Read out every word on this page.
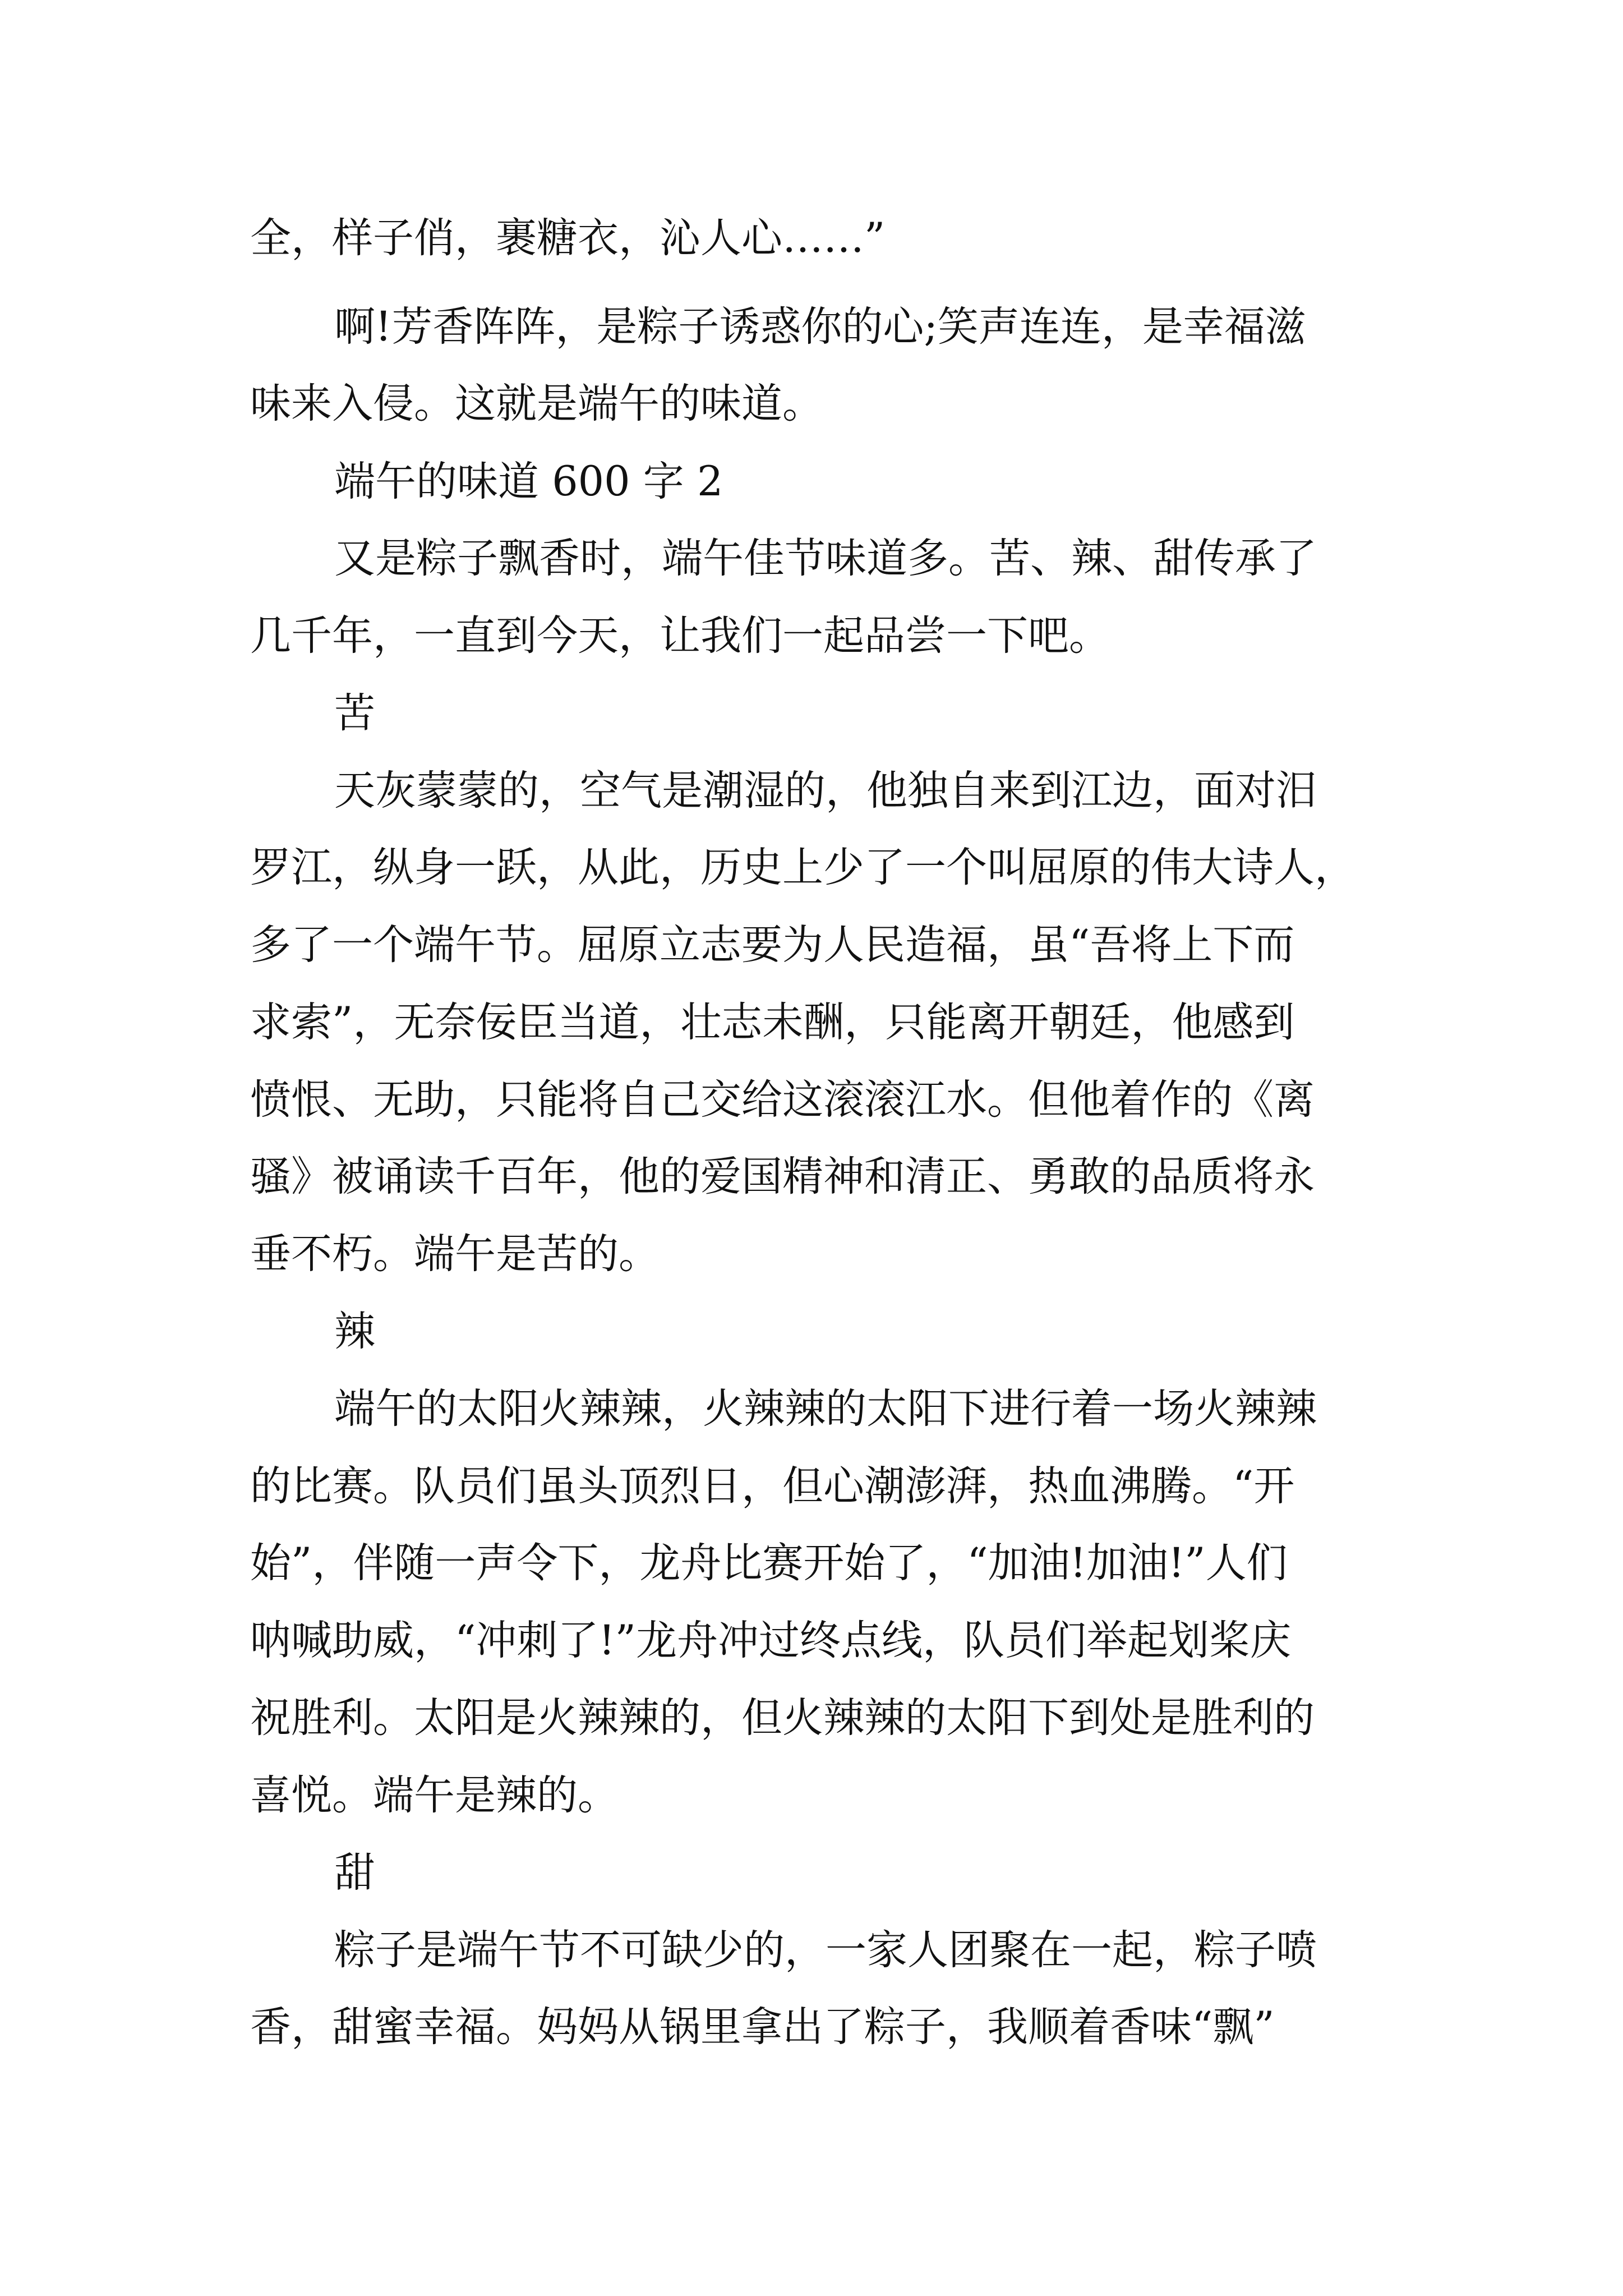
全，样子俏，裹糖衣，沁人心……”
啊!芳香阵阵，是粽子诱惑你的心;笑声连连，是幸福滋
味来入侵。这就是端午的味道。
端午的味道 600 字 2
又是粽子飘香时，端午佳节味道多。苦、辣、甜传承了
几千年，一直到今天，让我们一起品尝一下吧。
苦
天灰蒙蒙的，空气是潮湿的，他独自来到江边，面对汨
罗江，纵身一跃，从此，历史上少了一个叫屈原的伟大诗人，
多了一个端午节。屈原立志要为人民造福，虽“吾将上下而
求索”，无奈佞臣当道，壮志未酬，只能离开朝廷，他感到
愤恨、无助，只能将自己交给这滚滚江水。但他着作的《离
骚》被诵读千百年，他的爱国精神和清正、勇敢的品质将永
垂不朽。端午是苦的。
辣
端午的太阳火辣辣，火辣辣的太阳下进行着一场火辣辣
的比赛。队员们虽头顶烈日，但心潮澎湃，热血沸腾。“开
始”，伴随一声令下，龙舟比赛开始了，“加油!加油!”人们
呐喊助威，“冲刺了!”龙舟冲过终点线，队员们举起划桨庆
祝胜利。太阳是火辣辣的，但火辣辣的太阳下到处是胜利的
喜悦。端午是辣的。
甜
粽子是端午节不可缺少的，一家人团聚在一起，粽子喷
香，甜蜜幸福。妈妈从锅里拿出了粽子，我顺着香味“飘”
